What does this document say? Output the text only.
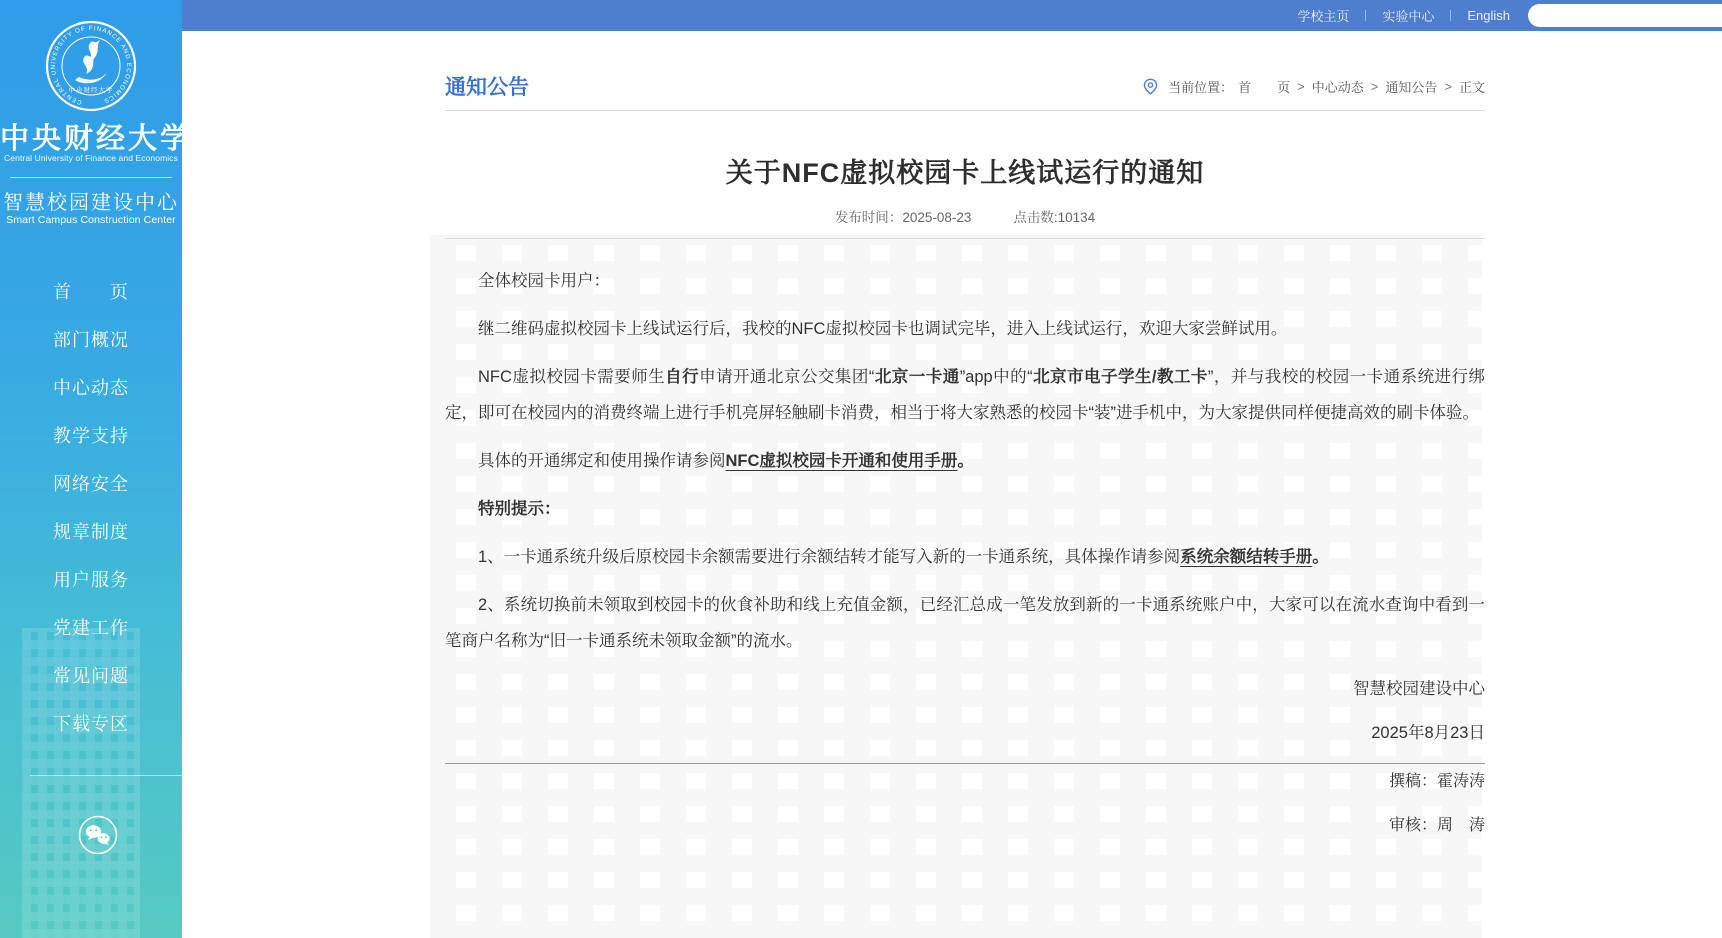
学校主页	实验中心	English
CENTRAL UNIVERSITY OF FINANCE AND ECONOMICS
中央财经大学
中央财经大学
Central University of Finance and Economics
智慧校园建设中心
Smart Campus Construction Center
首　　页
部门概况
中心动态
教学支持
网络安全
规章制度
用户服务
党建工作
常见问题
下载专区
通知公告	当前位置： 首　　页 > 中心动态 > 通知公告 > 正文
关于NFC虚拟校园卡上线试运行的通知
发布时间：2025-08-23	点击数:10134

全体校园卡用户：

继二维码虚拟校园卡上线试运行后，我校的NFC虚拟校园卡也调试完毕，进入上线试运行，欢迎大家尝鲜试用。

NFC虚拟校园卡需要师生自行申请开通北京公交集团“北京一卡通”app中的“北京市电子学生/教工卡”，并与我校的校园一卡通系统进行绑定，即可在校园内的消费终端上进行手机亮屏轻触刷卡消费，相当于将大家熟悉的校园卡“装”进手机中，为大家提供同样便捷高效的刷卡体验。

具体的开通绑定和使用操作请参阅NFC虚拟校园卡开通和使用手册。

特别提示：

1、一卡通系统升级后原校园卡余额需要进行余额结转才能写入新的一卡通系统，具体操作请参阅系统余额结转手册。

2、系统切换前未领取到校园卡的伙食补助和线上充值金额，已经汇总成一笔发放到新的一卡通系统账户中，大家可以在流水查询中看到一笔商户名称为“旧一卡通系统未领取金额”的流水。

智慧校园建设中心
2025年8月23日
撰稿：霍涛涛
审核：周　涛
